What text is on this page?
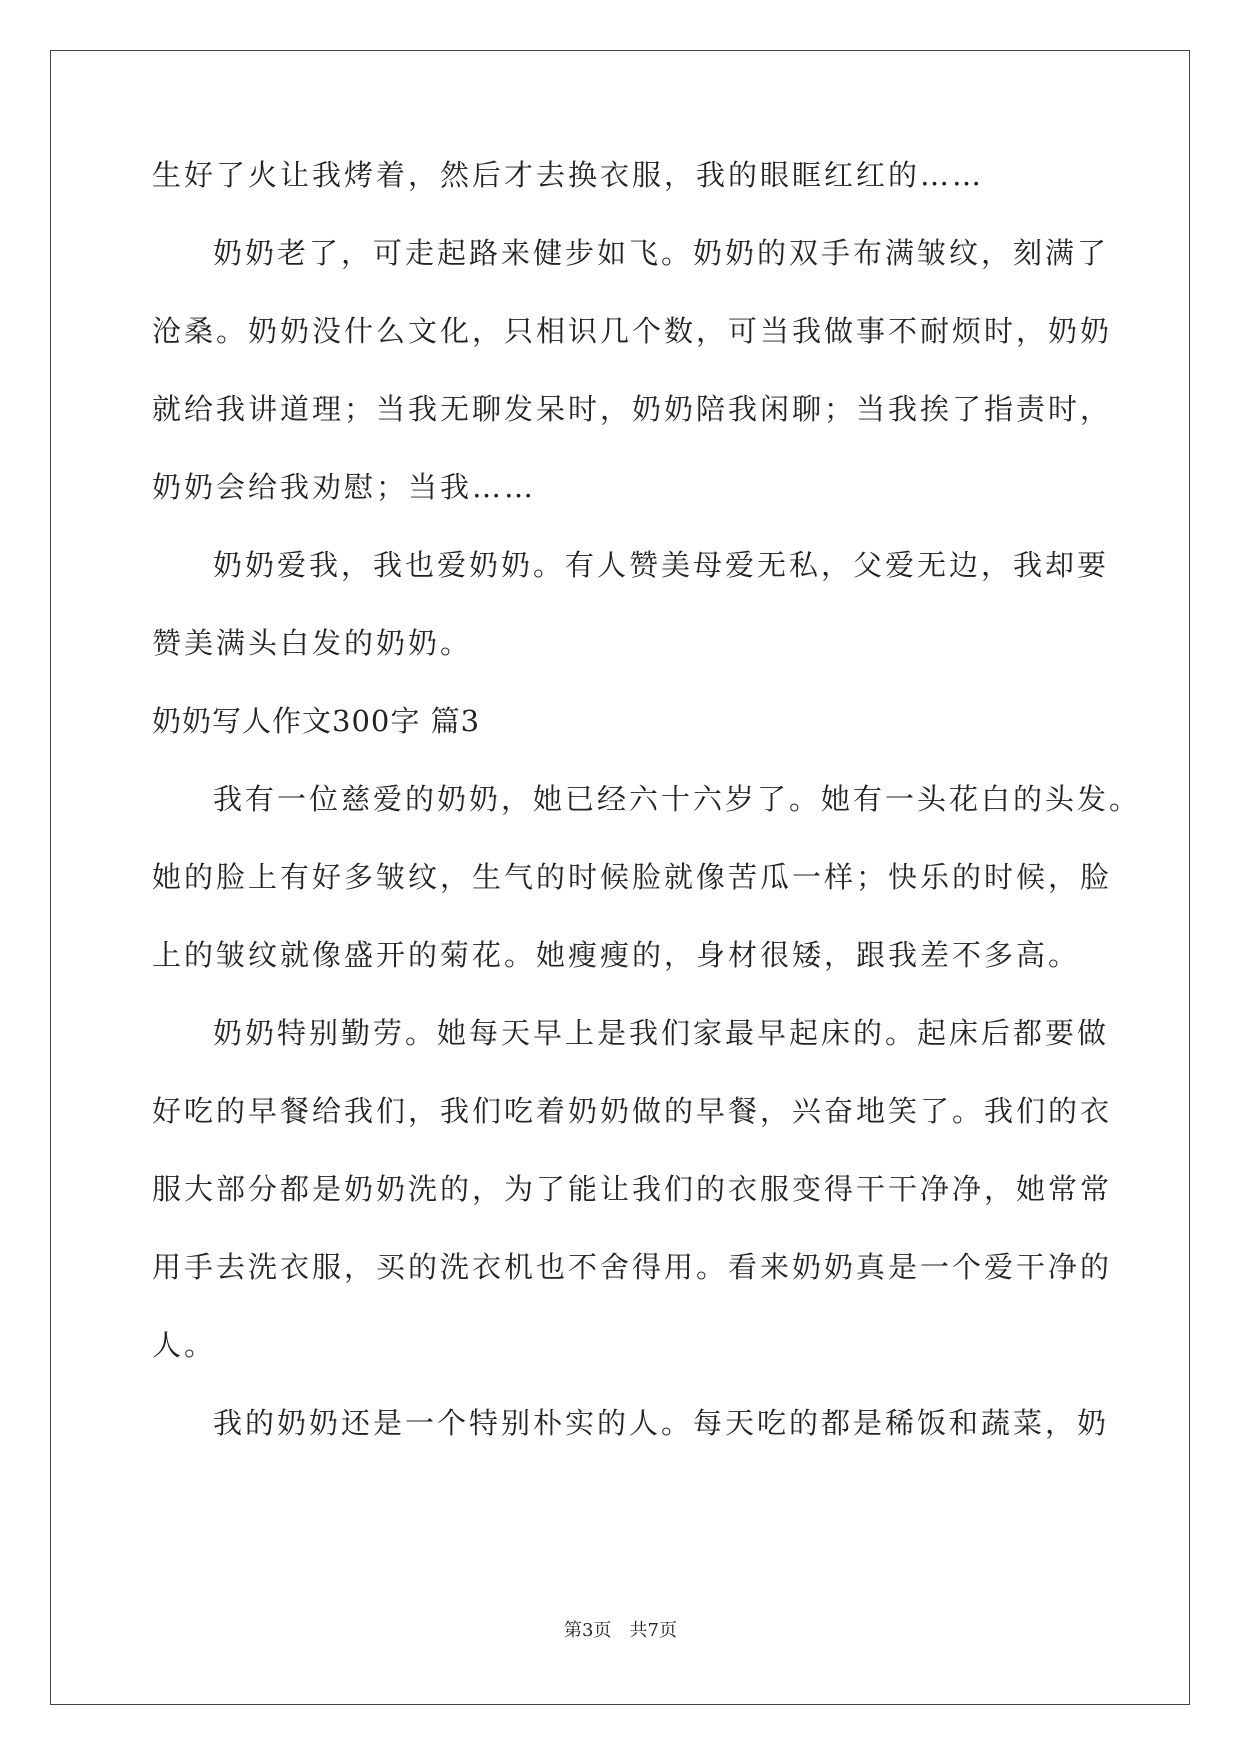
生好了火让我烤着，然后才去换衣服，我的眼眶红红的……

奶奶老了，可走起路来健步如飞。奶奶的双手布满皱纹，刻满了

沧桑。奶奶没什么文化，只相识几个数，可当我做事不耐烦时，奶奶

就给我讲道理；当我无聊发呆时，奶奶陪我闲聊；当我挨了指责时，

奶奶会给我劝慰；当我……

奶奶爱我，我也爱奶奶。有人赞美母爱无私，父爱无边，我却要

赞美满头白发的奶奶。

奶奶写人作文300字 篇3

我有一位慈爱的奶奶，她已经六十六岁了。她有一头花白的头发。

她的脸上有好多皱纹，生气的时候脸就像苦瓜一样；快乐的时候，脸

上的皱纹就像盛开的菊花。她瘦瘦的，身材很矮，跟我差不多高。

奶奶特别勤劳。她每天早上是我们家最早起床的。起床后都要做

好吃的早餐给我们，我们吃着奶奶做的早餐，兴奋地笑了。我们的衣

服大部分都是奶奶洗的，为了能让我们的衣服变得干干净净，她常常

用手去洗衣服，买的洗衣机也不舍得用。看来奶奶真是一个爱干净的

人。

我的奶奶还是一个特别朴实的人。每天吃的都是稀饭和蔬菜，奶

第3页　共7页
